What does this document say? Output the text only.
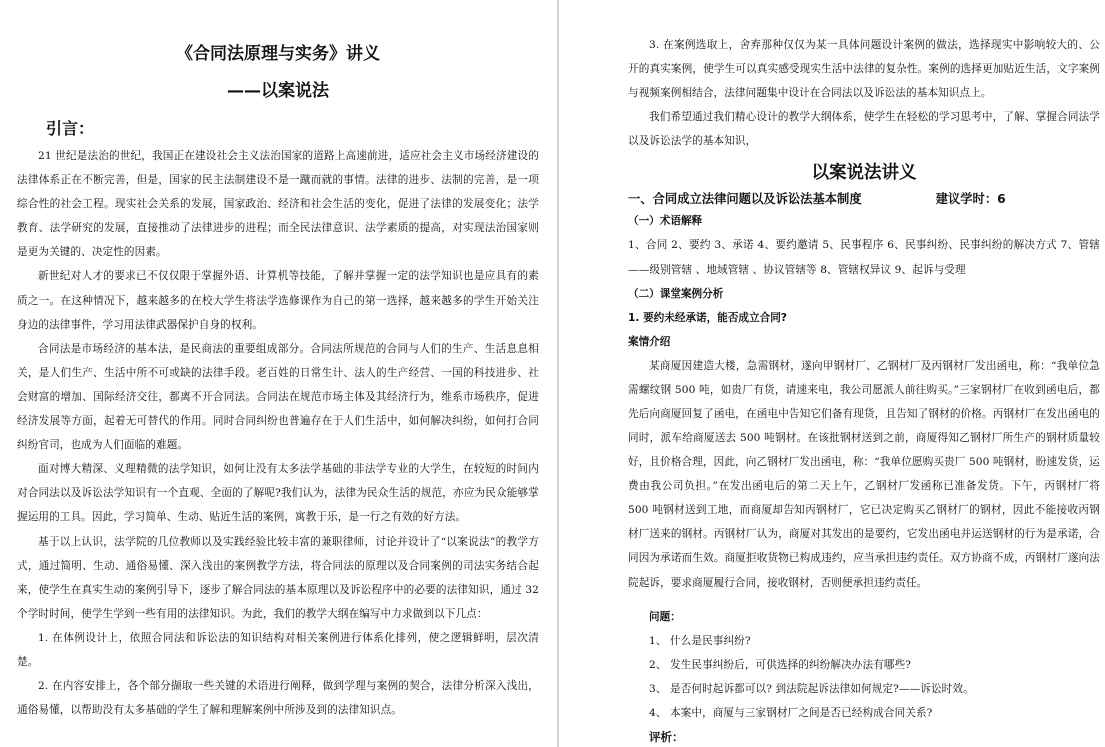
《合同法原理与实务》讲义
——以案说法
引言：

21 世纪是法治的世纪，我国正在建设社会主义法治国家的道路上高速前进，适应社会主义市场经济建设的法律体系正在不断完善，但是，国家的民主法制建设不是一蹴而就的事情。法律的进步、法制的完善，是一项综合性的社会工程。现实社会关系的发展，国家政治、经济和社会生活的变化，促进了法律的发展变化；法学教育、法学研究的发展，直接推动了法律进步的进程；而全民法律意识、法学素质的提高，对实现法治国家则是更为关键的、决定性的因素。

新世纪对人才的要求已不仅仅限于掌握外语、计算机等技能，了解并掌握一定的法学知识也是应具有的素质之一。在这种情况下，越来越多的在校大学生将法学选修课作为自己的第一选择，越来越多的学生开始关注身边的法律事件，学习用法律武器保护自身的权利。

合同法是市场经济的基本法，是民商法的重要组成部分。合同法所规范的合同与人们的生产、生活息息相关，是人们生产、生活中所不可或缺的法律手段。老百姓的日常生计、法人的生产经营、一国的科技进步、社会财富的增加、国际经济交往，都离不开合同法。合同法在规范市场主体及其经济行为，维系市场秩序，促进经济发展等方面，起着无可替代的作用。同时合同纠纷也普遍存在于人们生活中，如何解决纠纷，如何打合同纠纷官司，也成为人们面临的难题。

面对博大精深、义理精微的法学知识，如何让没有太多法学基础的非法学专业的大学生，在较短的时间内对合同法以及诉讼法学知识有一个直观、全面的了解呢?我们认为，法律为民众生活的规范，亦应为民众能够掌握运用的工具。因此，学习简单、生动、贴近生活的案例，寓教于乐，是一行之有效的好方法。

基于以上认识，法学院的几位教师以及实践经验比较丰富的兼职律师，讨论并设计了“以案说法”的教学方式，通过简明、生动、通俗易懂、深入浅出的案例教学方法，将合同法的原理以及合同案例的司法实务结合起来，使学生在真实生动的案例引导下，逐步了解合同法的基本原理以及诉讼程序中的必要的法律知识，通过 32 个学时时间，使学生学到一些有用的法律知识。为此，我们的教学大纲在编写中力求做到以下几点：

1. 在体例设计上，依照合同法和诉讼法的知识结构对相关案例进行体系化排列，使之逻辑鲜明，层次清楚。

2. 在内容安排上，各个部分撷取一些关键的术语进行阐释，做到学理与案例的契合，法律分析深入浅出，通俗易懂，以帮助没有太多基础的学生了解和理解案例中所涉及到的法律知识点。

3. 在案例选取上，舍弃那种仅仅为某一具体问题设计案例的做法，选择现实中影响较大的、公开的真实案例，使学生可以真实感受现实生活中法律的复杂性。案例的选择更加贴近生活，文字案例与视频案例相结合，法律问题集中设计在合同法以及诉讼法的基本知识点上。

我们希望通过我们精心设计的教学大纲体系，使学生在轻松的学习思考中，了解、掌握合同法学以及诉讼法学的基本知识，

以案说法讲义
一、合同成立法律问题以及诉讼法基本制度	建议学时：6
（一）术语解释

1、合同 2、要约 3、承诺 4、要约邀请 5、民事程序 6、民事纠纷、民事纠纷的解决方式 7、管辖——级别管辖 、地域管辖 、协议管辖等 8、管辖权异议 9、起诉与受理

（二）课堂案例分析
1. 要约未经承诺，能否成立合同?
案情介绍

某商厦因建造大楼，急需钢材，遂向甲钢材厂、乙钢材厂及丙钢材厂发出函电，称：“我单位急需螺纹钢 500 吨，如贵厂有货，请速来电，我公司愿派人前往购买。”三家钢材厂在收到函电后，都先后向商厦回复了函电，在函电中告知它们备有现货，且告知了钢材的价格。丙钢材厂在发出函电的同时，派车给商厦送去 500 吨钢材。在该批钢材送到之前，商厦得知乙钢材厂所生产的钢材质量较好，且价格合理，因此，向乙钢材厂发出函电，称：“我单位愿购买贵厂 500 吨钢材，盼速发货，运费由我公司负担。”在发出函电后的第二天上午，乙钢材厂发函称已准备发货。下午，丙钢材厂将 500 吨钢材送到工地，而商厦却告知丙钢材厂，它已决定购买乙钢材厂的钢材，因此不能接收丙钢材厂送来的钢材。丙钢材厂认为，商厦对其发出的是要约，它发出函电并运送钢材的行为是承诺，合同因为承诺而生效。商厦拒收货物已构成违约，应当承担违约责任。双方协商不成，丙钢材厂遂向法院起诉，要求商厦履行合同，接收钢材，否则便承担违约责任。

问题：

1、 什么是民事纠纷?

2、 发生民事纠纷后，可供选择的纠纷解决办法有哪些?

3、 是否何时起诉都可以? 到法院起诉法律如何规定?——诉讼时效。

4、 本案中，商厦与三家钢材厂之间是否已经构成合同关系?

评析：
